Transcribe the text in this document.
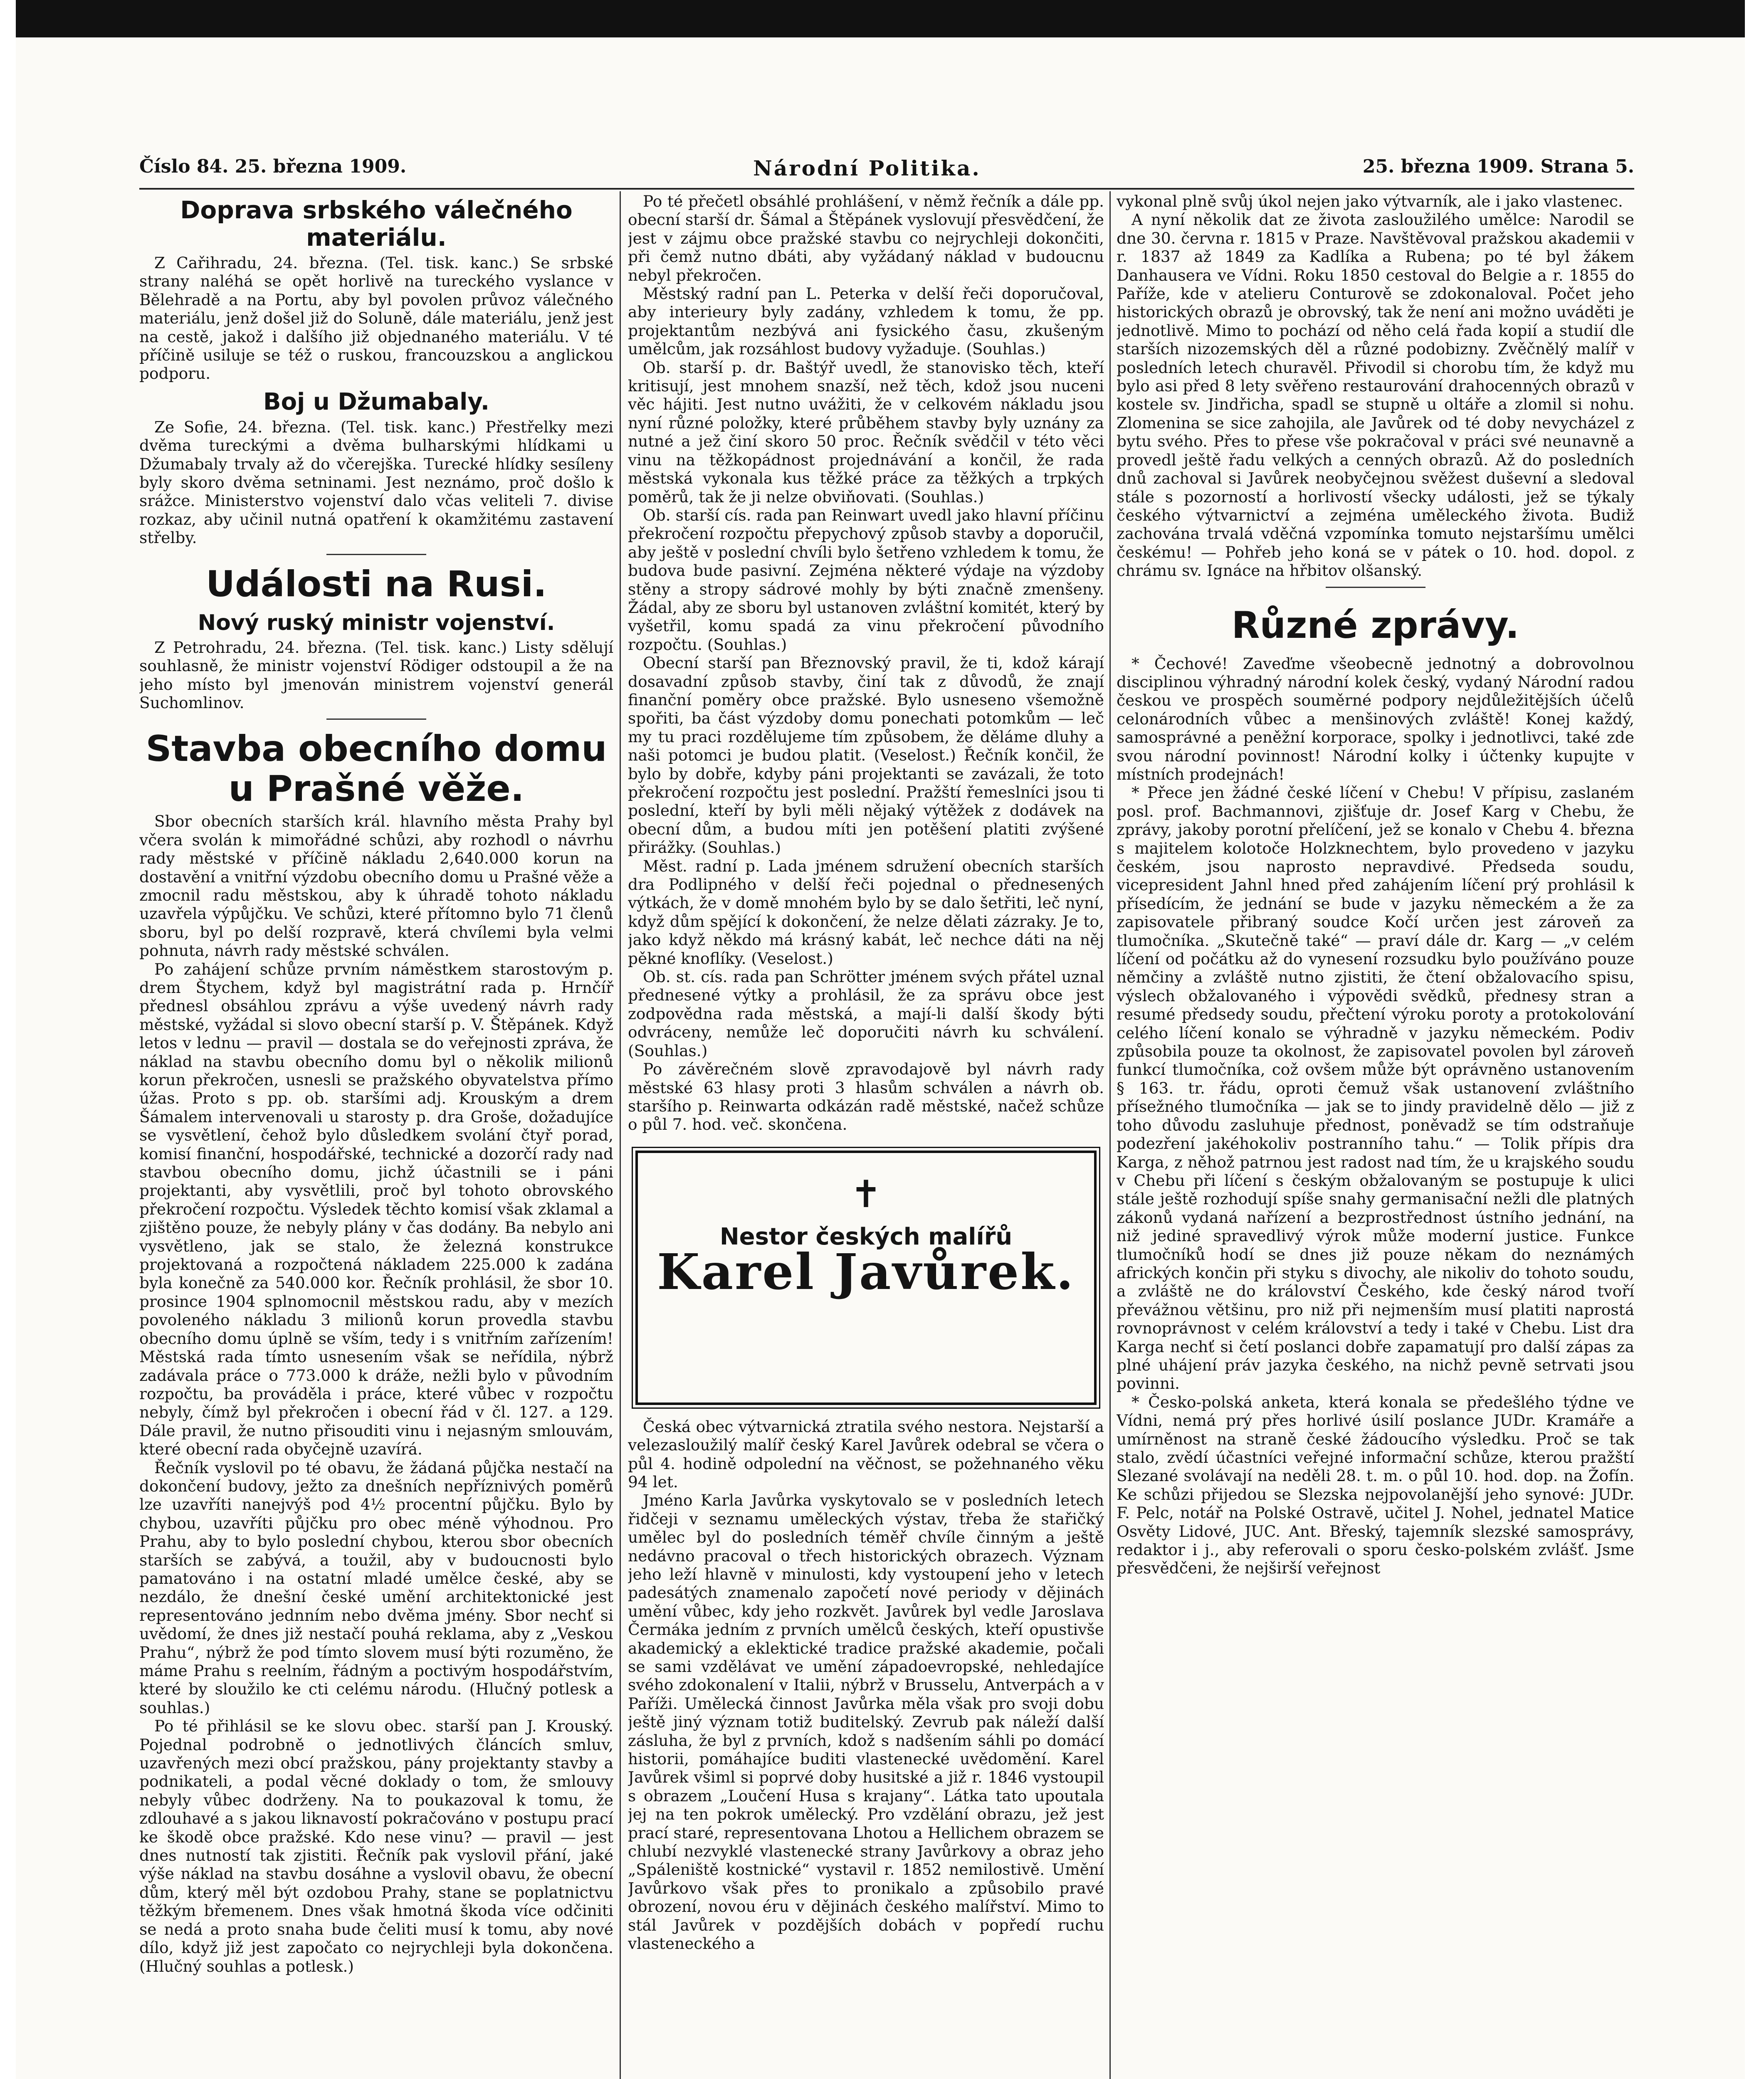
Číslo 84. 25. března 1909.	Národní Politika.	25. března 1909. Strana 5.
Doprava srbského válečného materiálu.

Z Cařihradu, 24. března. (Tel. tisk. kanc.) Se srbské strany naléhá se opět horlivě na tureckého vyslance v Bělehradě a na Portu, aby byl povolen průvoz válečného materiálu, jenž došel již do Soluně, dále materiálu, jenž jest na cestě, jakož i dalšího již objednaného materiálu. V té příčině usiluje se též o ruskou, francouzskou a anglickou podporu.

Boj u Džumabaly.

Ze Sofie, 24. března. (Tel. tisk. kanc.) Přestřelky mezi dvěma tureckými a dvěma bulharskými hlídkami u Džumabaly trvaly až do včerejška. Turecké hlídky sesíleny byly skoro dvěma setninami. Jest neznámo, proč došlo k srážce. Ministerstvo vojenství dalo včas veliteli 7. divise rozkaz, aby učinil nutná opatření k okamžitému zastavení střelby.

Události na Rusi.
Nový ruský ministr vojenství.

Z Petrohradu, 24. března. (Tel. tisk. kanc.) Listy sdělují souhlasně, že ministr vojenství Rödiger odstoupil a že na jeho místo byl jmenován ministrem vojenství generál Suchomlinov.

Stavba obecního domu u Prašné věže.

Sbor obecních starších král. hlavního města Prahy byl včera svolán k mimořádné schůzi, aby rozhodl o návrhu rady městské v příčině nákladu 2,640.000 korun na dostavění a vnitřní výzdobu obecního domu u Prašné věže a zmocnil radu městskou, aby k úhradě tohoto nákladu uzavřela výpůjčku. Ve schůzi, které přítomno bylo 71 členů sboru, byl po delší rozpravě, která chvílemi byla velmi pohnuta, návrh rady městské schválen.

Po zahájení schůze prvním náměstkem starostovým p. drem Štychem, když byl magistrátní rada p. Hrnčíř přednesl obsáhlou zprávu a výše uvedený návrh rady městské, vyžádal si slovo obecní starší p. V. Štěpánek. Když letos v lednu — pravil — dostala se do veřejnosti zpráva, že náklad na stavbu obecního domu byl o několik milionů korun překročen, usnesli se pražského obyvatelstva přímo úžas. Proto s pp. ob. staršími adj. Krouským a drem Šámalem intervenovali u starosty p. dra Groše, dožadujíce se vysvětlení, čehož bylo důsledkem svolání čtyř porad, komisí finanční, hospodářské, technické a dozorčí rady nad stavbou obecního domu, jichž účastnili se i páni projektanti, aby vysvětlili, proč byl tohoto obrovského překročení rozpočtu. Výsledek těchto komisí však zklamal a zjištěno pouze, že nebyly plány v čas dodány. Ba nebylo ani vysvětleno, jak se stalo, že železná konstrukce projektovaná a rozpočtená nákladem 225.000 k zadána byla konečně za 540.000 kor. Řečník prohlásil, že sbor 10. prosince 1904 splnomocnil městskou radu, aby v mezích povoleného nákladu 3 milionů korun provedla stavbu obecního domu úplně se vším, tedy i s vnitřním zařízením! Městská rada tímto usnesením však se neřídila, nýbrž zadávala práce o 773.000 k dráže, nežli bylo v původním rozpočtu, ba prováděla i práce, které vůbec v rozpočtu nebyly, čímž byl překročen i obecní řád v čl. 127. a 129. Dále pravil, že nutno přisouditi vinu i nejasným smlouvám, které obecní rada obyčejně uzavírá.

Řečník vyslovil po té obavu, že žádaná půjčka nestačí na dokončení budovy, ježto za dnešních nepříznivých poměrů lze uzavříti nanejvýš pod 4½ procentní půjčku. Bylo by chybou, uzavříti půjčku pro obec méně výhodnou. Pro Prahu, aby to bylo poslední chybou, kterou sbor obecních starších se zabývá, a toužil, aby v budoucnosti bylo pamatováno i na ostatní mladé umělce české, aby se nezdálo, že dnešní české umění architektonické jest representováno jednním nebo dvěma jmény. Sbor nechť si uvědomí, že dnes již nestačí pouhá reklama, aby z „Veskou Prahu“, nýbrž že pod tímto slovem musí býti rozuměno, že máme Prahu s reelním, řádným a poctivým hospodářstvím, které by sloužilo ke cti celému národu. (Hlučný potlesk a souhlas.)

Po té přihlásil se ke slovu obec. starší pan J. Krouský. Pojednal podrobně o jednotlivých článcích smluv, uzavřených mezi obcí pražskou, pány projektanty stavby a podnikateli, a podal věcné doklady o tom, že smlouvy nebyly vůbec dodrženy. Na to poukazoval k tomu, že zdlouhavé a s jakou liknavostí pokračováno v postupu prací ke škodě obce pražské. Kdo nese vinu? — pravil — jest dnes nutností tak zjistiti. Řečník pak vyslovil přání, jaké výše náklad na stavbu dosáhne a vyslovil obavu, že obecní dům, který měl být ozdobou Prahy, stane se poplatnictvu těžkým břemenem. Dnes však hmotná škoda více odčiniti se nedá a proto snaha bude čeliti musí k tomu, aby nové dílo, když již jest započato co nejrychleji byla dokončena. (Hlučný souhlas a potlesk.)

Po té přečetl obsáhlé prohlášení, v němž řečník a dále pp. obecní starší dr. Šámal a Štěpánek vyslovují přesvědčení, že jest v zájmu obce pražské stavbu co nejrychleji dokončiti, při čemž nutno dbáti, aby vyžádaný náklad v budoucnu nebyl překročen.

Městský radní pan L. Peterka v delší řeči doporučoval, aby interieury byly zadány, vzhledem k tomu, že pp. projektantům nezbývá ani fysického času, zkušeným umělcům, jak rozsáhlost budovy vyžaduje. (Souhlas.)

Ob. starší p. dr. Baštýř uvedl, že stanovisko těch, kteří kritisují, jest mnohem snazší, než těch, kdož jsou nuceni věc hájiti. Jest nutno uvážiti, že v celkovém nákladu jsou nyní různé položky, které průběhem stavby byly uznány za nutné a jež činí skoro 50 proc. Řečník svědčil v této věci vinu na těžkopádnost projednávání a končil, že rada městská vykonala kus těžké práce za těžkých a trpkých poměrů, tak že ji nelze obviňovati. (Souhlas.)

Ob. starší cís. rada pan Reinwart uvedl jako hlavní příčinu překročení rozpočtu přepychový způsob stavby a doporučil, aby ještě v poslední chvíli bylo šetřeno vzhledem k tomu, že budova bude pasivní. Zejména některé výdaje na výzdoby stěny a stropy sádrové mohly by býti značně zmenšeny. Žádal, aby ze sboru byl ustanoven zvláštní komitét, který by vyšetřil, komu spadá za vinu překročení původního rozpočtu. (Souhlas.)

Obecní starší pan Březnovský pravil, že ti, kdož kárají dosavadní způsob stavby, činí tak z důvodů, že znají finanční poměry obce pražské. Bylo usneseno všemožně spořiti, ba část výzdoby domu ponechati potomkům — leč my tu praci rozdělujeme tím způsobem, že děláme dluhy a naši potomci je budou platit. (Veselost.) Řečník končil, že bylo by dobře, kdyby páni projektanti se zavázali, že toto překročení rozpočtu jest poslední. Pražští řemeslníci jsou ti poslední, kteří by byli měli nějaký výtěžek z dodávek na obecní dům, a budou míti jen potěšení platiti zvýšené přirážky. (Souhlas.)

Měst. radní p. Lada jménem sdružení obecních starších dra Podlipného v delší řeči pojednal o přednesených výtkách, že v domě mnohém bylo by se dalo šetřiti, leč nyní, když dům spějící k dokončení, že nelze dělati zázraky. Je to, jako když někdo má krásný kabát, leč nechce dáti na něj pěkné knoflíky. (Veselost.)

Ob. st. cís. rada pan Schrötter jménem svých přátel uznal přednesené výtky a prohlásil, že za správu obce jest zodpovědna rada městská, a mají-li další škody býti odvráceny, nemůže leč doporučiti návrh ku schválení. (Souhlas.)

Po závěrečném slově zpravodajově byl návrh rady městské 63 hlasy proti 3 hlasům schválen a návrh ob. staršího p. Reinwarta odkázán radě městské, načež schůze o půl 7. hod. več. skončena.

✝
Nestor českých malířů
Karel Javůrek.

Česká obec výtvarnická ztratila svého nestora. Nejstarší a velezasloužilý malíř český Karel Javůrek odebral se včera o půl 4. hodině odpolední na věčnost, se požehnaného věku 94 let.

Jméno Karla Javůrka vyskytovalo se v posledních letech řidčeji v seznamu uměleckých výstav, třeba že stařičký umělec byl do posledních téměř chvíle činným a ještě nedávno pracoval o třech historických obrazech. Význam jeho leží hlavně v minulosti, kdy vystoupení jeho v letech padesátých znamenalo započetí nové periody v dějinách umění vůbec, kdy jeho rozkvět. Javůrek byl vedle Jaroslava Čermáka jedním z prvních umělců českých, kteří opustivše akademický a eklektické tradice pražské akademie, počali se sami vzdělávat ve umění západoevropské, nehledajíce svého zdokonalení v Italii, nýbrž v Brusselu, Antverpách a v Paříži. Umělecká činnost Javůrka měla však pro svoji dobu ještě jiný význam totiž buditelský. Zevrub pak náleží další zásluha, že byl z prvních, kdož s nadšením sáhli po domácí historii, pomáhajíce buditi vlastenecké uvědomění. Karel Javůrek všiml si poprvé doby husitské a již r. 1846 vystoupil s obrazem „Loučení Husa s krajany“. Látka tato upoutala jej na ten pokrok umělecký. Pro vzdělání obrazu, jež jest prací staré, representovana Lhotou a Hellichem obrazem se chlubí nezvyklé vlastenecké strany Javůrkovy a obraz jeho „Spáleniště kostnické“ vystavil r. 1852 nemilostivě. Umění Javůrkovo však přes to pronikalo a způsobilo pravé obrození, novou éru v dějinách českého malířství. Mimo to stál Javůrek v pozdějších dobách v popředí ruchu vlasteneckého a

vykonal plně svůj úkol nejen jako výtvarník, ale i jako vlastenec.

A nyní několik dat ze života zasloužilého umělce: Narodil se dne 30. června r. 1815 v Praze. Navštěvoval pražskou akademii v r. 1837 až 1849 za Kadlíka a Rubena; po té byl žákem Danhausera ve Vídni. Roku 1850 cestoval do Belgie a r. 1855 do Paříže, kde v atelieru Conturově se zdokonaloval. Počet jeho historických obrazů je obrovský, tak že není ani možno uváděti je jednotlivě. Mimo to pochází od něho celá řada kopií a studií dle starších nizozemských děl a různé podobizny. Zvěčnělý malíř v posledních letech churavěl. Přivodil si chorobu tím, že když mu bylo asi před 8 lety svěřeno restaurování drahocenných obrazů v kostele sv. Jindřicha, spadl se stupně u oltáře a zlomil si nohu. Zlomenina se sice zahojila, ale Javůrek od té doby nevycházel z bytu svého. Přes to přese vše pokračoval v práci své neunavně a provedl ještě řadu velkých a cenných obrazů. Až do posledních dnů zachoval si Javůrek neobyčejnou svěžest duševní a sledoval stále s pozorností a horlivostí všecky události, jež se týkaly českého výtvarnictví a zejména uměleckého života. Budiž zachována trvalá vděčná vzpomínka tomuto nejstaršímu umělci českému! — Pohřeb jeho koná se v pátek o 10. hod. dopol. z chrámu sv. Ignáce na hřbitov olšanský.

Různé zprávy.

* Čechové! Zaveďme všeobecně jednotný a dobrovolnou disciplinou výhradný národní kolek český, vydaný Národní radou českou ve prospěch souměrné podpory nejdůležitějších účelů celonárodních vůbec a menšinových zvláště! Konej každý, samosprávné a peněžní korporace, spolky i jednotlivci, také zde svou národní povinnost! Národní kolky i účtenky kupujte v místních prodejnách!

* Přece jen žádné české líčení v Chebu! V přípisu, zaslaném posl. prof. Bachmannovi, zjišťuje dr. Josef Karg v Chebu, že zprávy, jakoby porotní přelíčení, jež se konalo v Chebu 4. března s majitelem kolotoče Holzknechtem, bylo provedeno v jazyku českém, jsou naprosto nepravdivé. Předseda soudu, vicepresident Jahnl hned před zahájením líčení prý prohlásil k přísedícím, že jednání se bude v jazyku německém a že za zapisovatele přibraný soudce Kočí určen jest zároveň za tlumočníka. „Skutečně také“ — praví dále dr. Karg — „v celém líčení od počátku až do vynesení rozsudku bylo používáno pouze němčiny a zvláště nutno zjistiti, že čtení obžalovacího spisu, výslech obžalovaného i výpovědi svědků, přednesy stran a resumé předsedy soudu, přečtení výroku poroty a protokolování celého líčení konalo se výhradně v jazyku německém. Podiv způsobila pouze ta okolnost, že zapisovatel povolen byl zároveň funkcí tlumočníka, což ovšem může být oprávněno ustanovením § 163. tr. řádu, oproti čemuž však ustanovení zvláštního přísežného tlumočníka — jak se to jindy pravidelně dělo — již z toho důvodu zasluhuje přednost, poněvadž se tím odstraňuje podezření jakéhokoliv postranního tahu.“ — Tolik přípis dra Karga, z něhož patrnou jest radost nad tím, že u krajského soudu v Chebu při líčení s českým obžalovaným se postupuje k ulici stále ještě rozhodují spíše snahy germanisační nežli dle platných zákonů vydaná nařízení a bezprostřednost ústního jednání, na niž jediné spravedlivý výrok může moderní justice. Funkce tlumočníků hodí se dnes již pouze někam do neznámých afrických končin při styku s divochy, ale nikoliv do tohoto soudu, a zvláště ne do království Českého, kde český národ tvoří převážnou většinu, pro niž při nejmenším musí platiti naprostá rovnoprávnost v celém království a tedy i také v Chebu. List dra Karga nechť si četí poslanci dobře zapamatují pro další zápas za plné uhájení práv jazyka českého, na nichž pevně setrvati jsou povinni.

* Česko-polská anketa, která konala se předešlého týdne ve Vídni, nemá prý přes horlivé úsilí poslance JUDr. Kramáře a umírněnost na straně české žádoucího výsledku. Proč se tak stalo, zvědí účastníci veřejné informační schůze, kterou pražští Slezané svolávají na neděli 28. t. m. o půl 10. hod. dop. na Žofín. Ke schůzi přijedou se Slezska nejpovolanější jeho synové: JUDr. F. Pelc, notář na Polské Ostravě, učitel J. Nohel, jednatel Matice Osvěty Lidové, JUC. Ant. Břeský, tajemník slezské samosprávy, redaktor i j., aby referovali o sporu česko-polském zvlášť. Jsme přesvědčeni, že nejširší veřejnost
